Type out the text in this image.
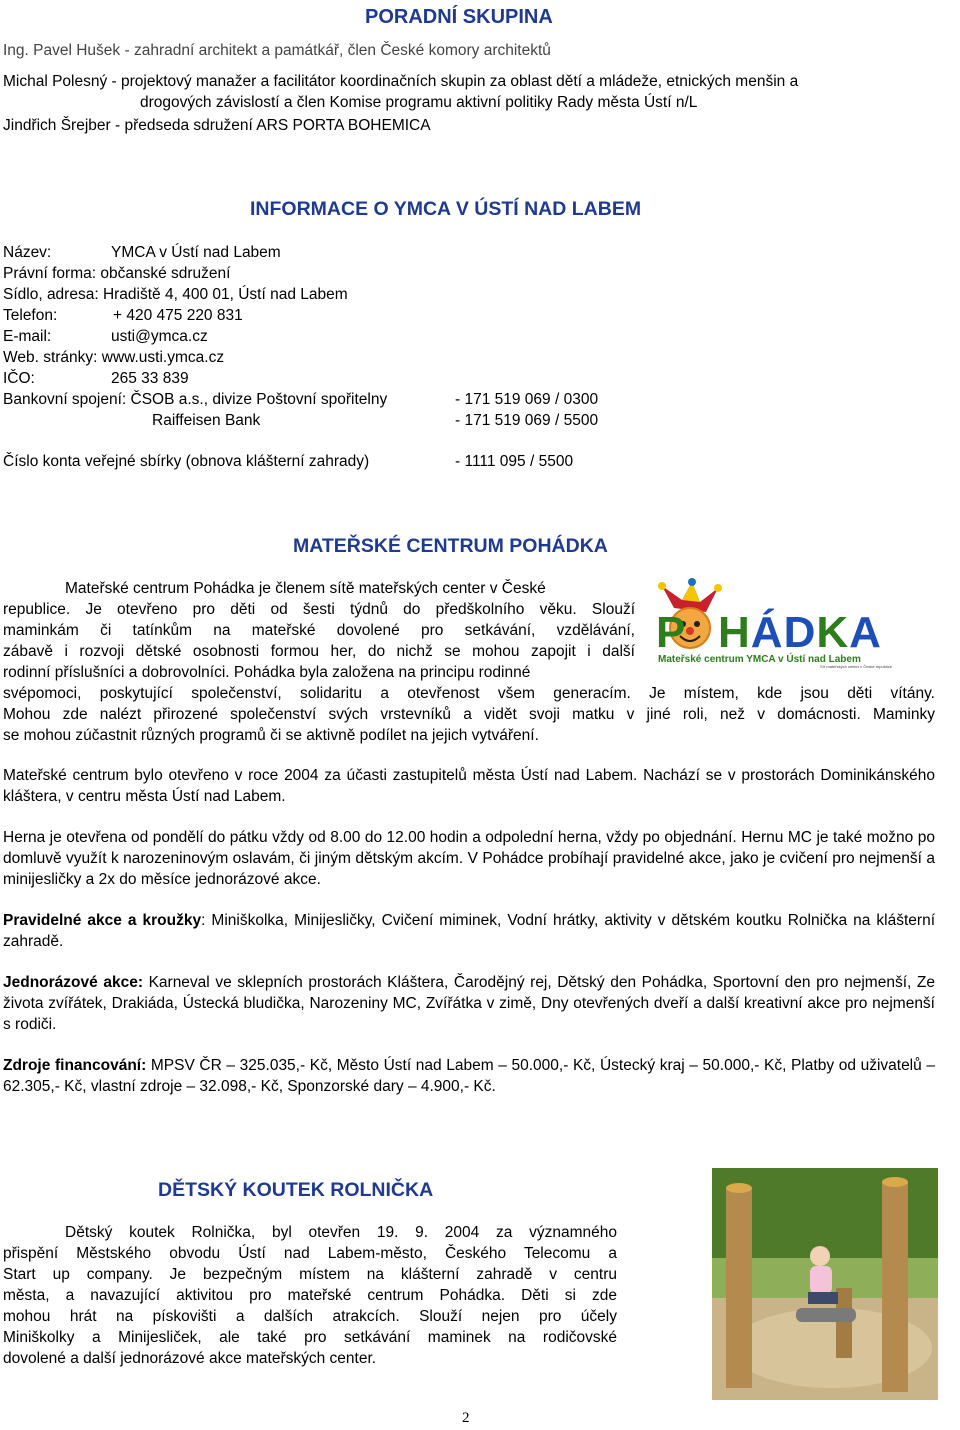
PORADNÍ SKUPINA
Ing. Pavel Hušek - zahradní architekt a památkář, člen České komory architektů
Michal Polesný - projektový manažer a facilitátor koordinačních skupin za oblast dětí a mládeže, etnických menšin a
drogových závislostí a člen Komise programu aktivní politiky Rady města Ústí n/L
Jindřich Šrejber - předseda sdružení ARS PORTA BOHEMICA
INFORMACE O YMCA V ÚSTÍ NAD LABEM
Název:	YMCA v Ústí nad Labem
Právní forma: občanské sdružení
Sídlo, adresa: Hradiště 4, 400 01, Ústí nad Labem
Telefon:	+ 420 475 220 831
E-mail:	usti@ymca.cz
Web. stránky: www.usti.ymca.cz
IČO:	265 33 839
Bankovní spojení: ČSOB a.s., divize Poštovní spořitelny	- 171 519 069 / 0300
Raiffeisen Bank	- 171 519 069 / 5500
Číslo konta veřejné sbírky (obnova klášterní zahrady)	- 1111 095 / 5500
MATEŘSKÉ CENTRUM POHÁDKA
Mateřské centrum Pohádka je členem sítě mateřských center v České
republice. Je otevřeno pro děti od šesti týdnů do předškolního věku. Slouží
maminkám či tatínkům na mateřské dovolené pro setkávání, vzdělávání,
zábavě i rozvoji dětské osobnosti formou her, do nichž se mohou zapojit i další
rodinní příslušníci a dobrovolníci. Pohádka byla založena na principu rodinné
svépomoci, poskytující společenství, solidaritu a otevřenost všem generacím. Je místem, kde jsou děti vítány.
Mohou zde nalézt přirozené společenství svých vrstevníků a vidět svoji matku v jiné roli, než v domácnosti. Maminky
se mohou zúčastnit různých programů či se aktivně podílet na jejich vytváření.
P HÁDKA
Mateřské centrum YMCA v Ústí nad Labem
Síť mateřských center v České republice
Mateřské centrum bylo otevřeno v roce 2004 za účasti zastupitelů města Ústí nad Labem. Nachází se v prostorách Dominikánského kláštera, v centru města Ústí nad Labem.
Herna je otevřena od pondělí do pátku vždy od 8.00 do 12.00 hodin a odpolední herna, vždy po objednání. Hernu MC je také možno po domluvě využít k narozeninovým oslavám, či jiným dětským akcím. V Pohádce probíhají pravidelné akce, jako je cvičení pro nejmenší a minijesličky a 2x do měsíce jednorázové akce.
Pravidelné akce a kroužky: Miniškolka, Minijesličky, Cvičení miminek, Vodní hrátky, aktivity v dětském koutku Rolnička na klášterní zahradě.
Jednorázové akce: Karneval ve sklepních prostorách Kláštera, Čarodějný rej, Dětský den Pohádka, Sportovní den pro nejmenší, Ze života zvířátek, Drakiáda, Ústecká bludička, Narozeniny MC, Zvířátka v zimě, Dny otevřených dveří a další kreativní akce pro nejmenší s rodiči.
Zdroje financování: MPSV ČR – 325.035,- Kč, Město Ústí nad Labem – 50.000,- Kč, Ústecký kraj – 50.000,- Kč, Platby od uživatelů – 62.305,- Kč, vlastní zdroje – 32.098,- Kč, Sponzorské dary – 4.900,- Kč.
DĚTSKÝ KOUTEK ROLNIČKA
Dětský koutek Rolnička, byl otevřen 19. 9. 2004 za významného
přispění Městského obvodu Ústí nad Labem-město, Českého Telecomu a
Start up company. Je bezpečným místem na klášterní zahradě v centru
města, a navazující aktivitou pro mateřské centrum Pohádka. Děti si zde
mohou hrát na pískovišti a dalších atrakcích. Slouží nejen pro účely
Miniškolky a Minijesliček, ale také pro setkávání maminek na rodičovské
dovolené a další jednorázové akce mateřských center.
2
